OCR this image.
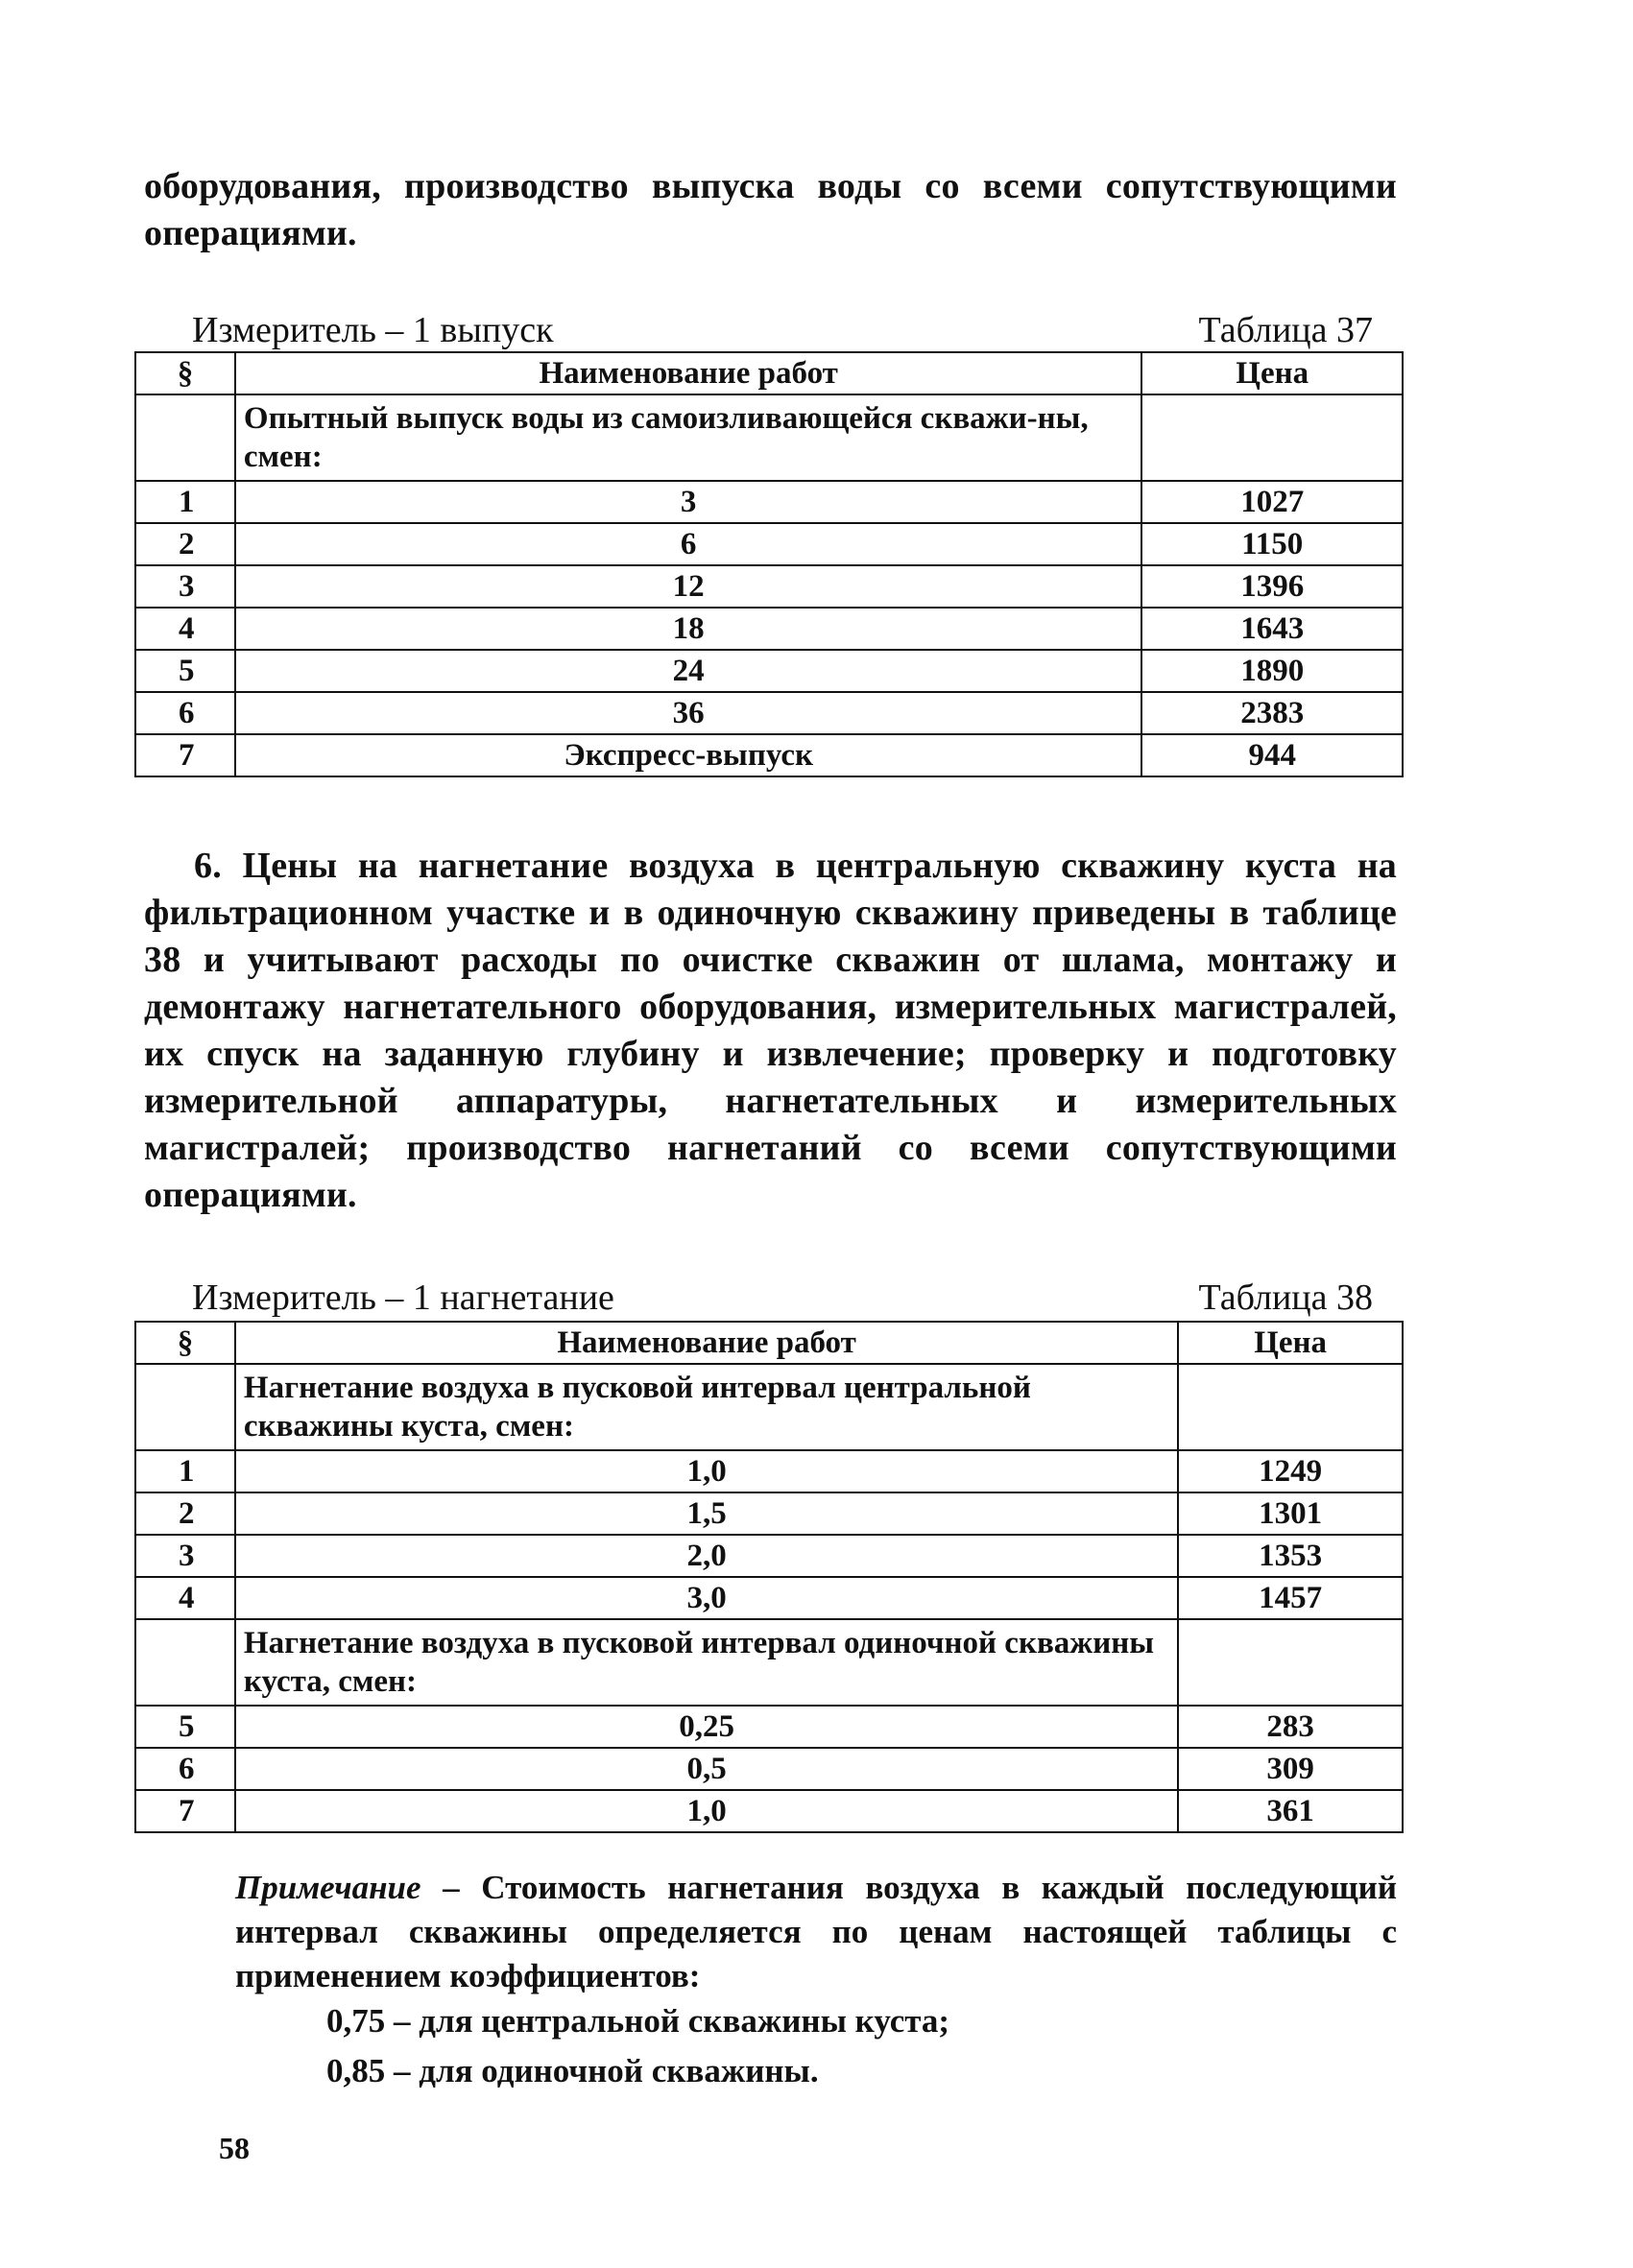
оборудования, производство выпуска воды со всеми сопутствующими операциями.
Измеритель – 1 выпуск	Таблица 37
§	Наименование работ	Цена
	Опытный выпуск воды из самоизливающейся скважи-ны, смен:	
1	3	1027
2	6	1150
3	12	1396
4	18	1643
5	24	1890
6	36	2383
7	Экспресс-выпуск	944
6. Цены на нагнетание воздуха в центральную скважину куста на фильтрационном участке и в одиночную скважину приведены в таблице 38 и учитывают расходы по очистке скважин от шлама, монтажу и демонтажу нагнетательного оборудования, измерительных магистралей, их спуск на заданную глубину и извлечение; проверку и подготовку измерительной аппаратуры, нагнетательных и измерительных магистралей; производство нагнетаний со всеми сопутствующими операциями.
Измеритель – 1 нагнетание	Таблица 38
§	Наименование работ	Цена
	Нагнетание воздуха в пусковой интервал центральной скважины куста, смен:	
1	1,0	1249
2	1,5	1301
3	2,0	1353
4	3,0	1457
	Нагнетание воздуха в пусковой интервал одиночной скважины куста, смен:	
5	0,25	283
6	0,5	309
7	1,0	361
Примечание – Стоимость нагнетания воздуха в каждый последующий интервал скважины определяется по ценам настоящей таблицы с применением коэффициентов:
0,75 – для центральной скважины куста;
0,85 – для одиночной скважины.
58
